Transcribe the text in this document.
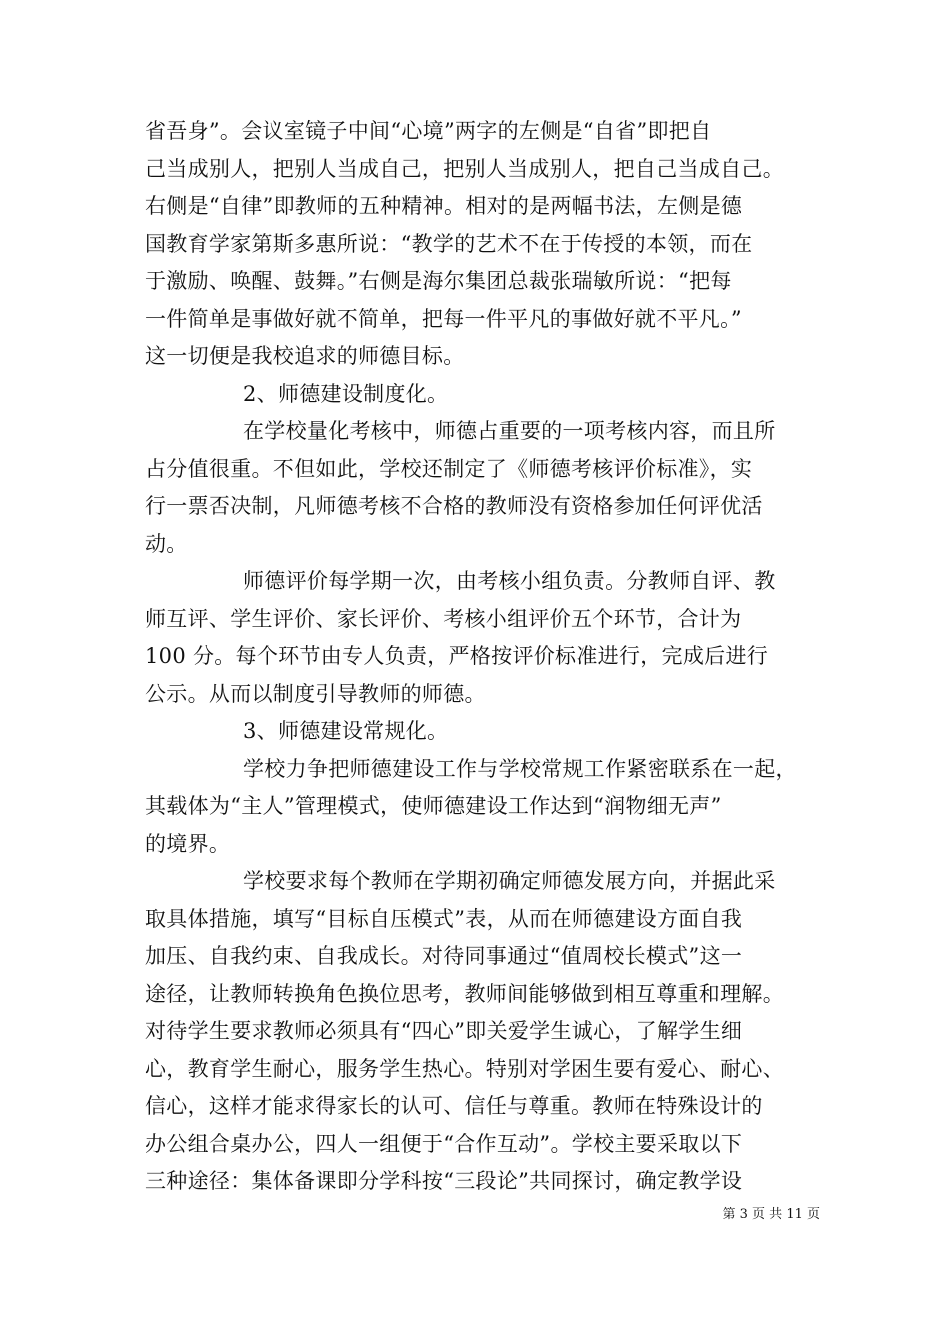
省吾身”。会议室镜子中间“心境”两字的左侧是“自省”即把自
己当成别人，把别人当成自己，把别人当成别人，把自己当成自己。
右侧是“自律”即教师的五种精神。相对的是两幅书法，左侧是德
国教育学家第斯多惠所说：“教学的艺术不在于传授的本领，而在
于激励、唤醒、鼓舞。”右侧是海尔集团总裁张瑞敏所说：“把每
一件简单是事做好就不简单，把每一件平凡的事做好就不平凡。”
这一切便是我校追求的师德目标。
2、师德建设制度化。
在学校量化考核中，师德占重要的一项考核内容，而且所
占分值很重。不但如此，学校还制定了《师德考核评价标准》，实
行一票否决制，凡师德考核不合格的教师没有资格参加任何评优活
动。
师德评价每学期一次，由考核小组负责。分教师自评、教
师互评、学生评价、家长评价、考核小组评价五个环节，合计为
100 分。每个环节由专人负责，严格按评价标准进行，完成后进行
公示。从而以制度引导教师的师德。
3、师德建设常规化。
学校力争把师德建设工作与学校常规工作紧密联系在一起，
其载体为“主人”管理模式，使师德建设工作达到“润物细无声”
的境界。
学校要求每个教师在学期初确定师德发展方向，并据此采
取具体措施，填写“目标自压模式”表，从而在师德建设方面自我
加压、自我约束、自我成长。对待同事通过“值周校长模式”这一
途径，让教师转换角色换位思考，教师间能够做到相互尊重和理解。
对待学生要求教师必须具有“四心”即关爱学生诚心，了解学生细
心，教育学生耐心，服务学生热心。特别对学困生要有爱心、耐心、
信心，这样才能求得家长的认可、信任与尊重。教师在特殊设计的
办公组合桌办公，四人一组便于“合作互动”。学校主要采取以下
三种途径：集体备课即分学科按“三段论”共同探讨，确定教学设
第 3 页 共 11 页
